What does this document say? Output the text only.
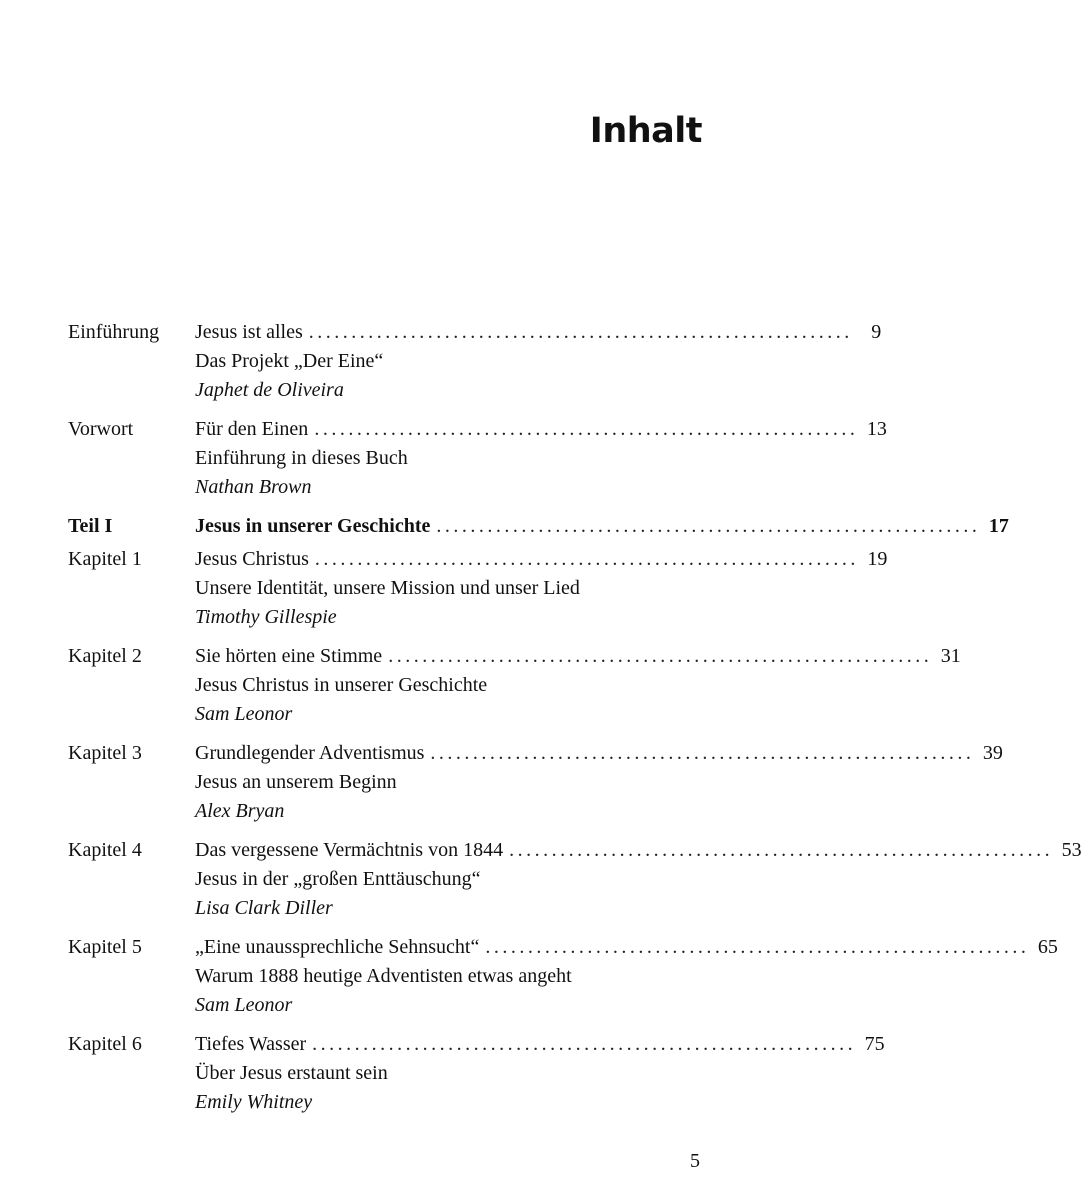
Inhalt
Einführung	Jesus ist alles . . .	9
Das Projekt „Der Eine“
Japhet de Oliveira
Vorwort	Für den Einen . . .	13
Einführung in dieses Buch
Nathan Brown
Teil I	Jesus in unserer Geschichte . . .	17
Kapitel 1	Jesus Christus . . .	19
Unsere Identität, unsere Mission und unser Lied
Timothy Gillespie
Kapitel 2	Sie hörten eine Stimme . . .	31
Jesus Christus in unserer Geschichte
Sam Leonor
Kapitel 3	Grundlegender Adventismus . . .	39
Jesus an unserem Beginn
Alex Bryan
Kapitel 4	Das vergessene Vermächtnis von 1844 . . .	53
Jesus in der „großen Enttäuschung“
Lisa Clark Diller
Kapitel 5	„Eine unaussprechliche Sehnsucht“ . . .	65
Warum 1888 heutige Adventisten etwas angeht
Sam Leonor
Kapitel 6	Tiefes Wasser . . .	75
Über Jesus erstaunt sein
Emily Whitney
5
